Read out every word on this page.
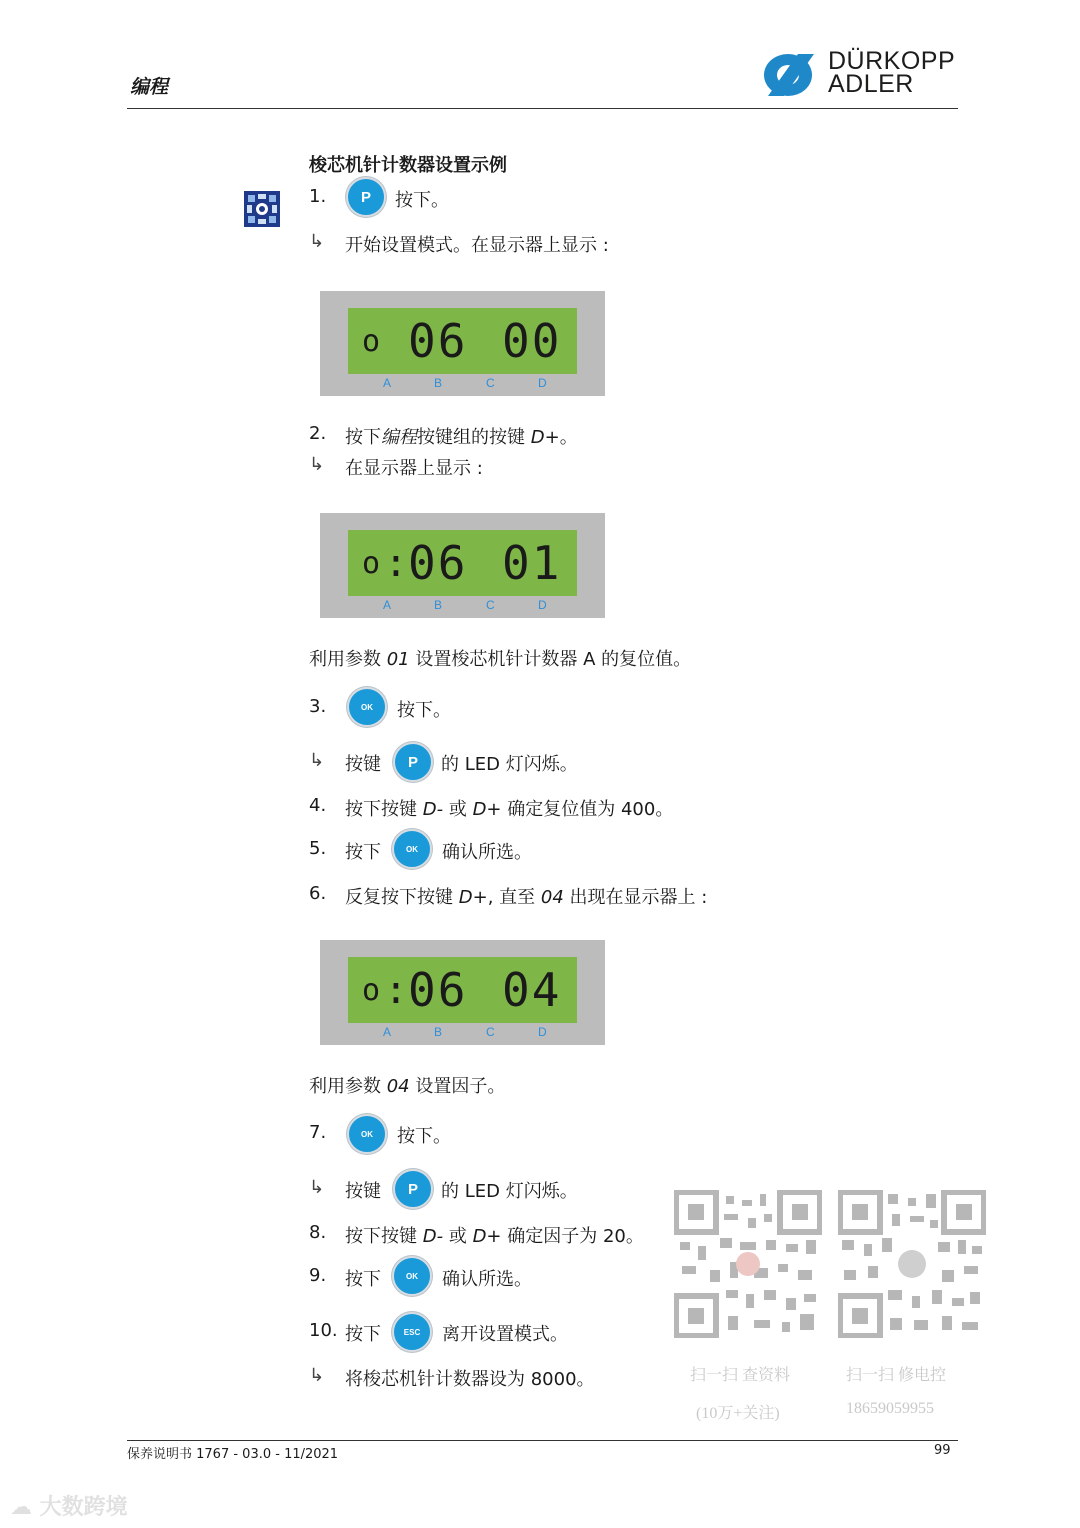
编程
DÜRKOPP
ADLER
梭芯机针计数器设置示例
1.	P	按下。
↳ 开始设置模式。在显示器上显示 :
o 06 00
A	B	C	D
2. 按下编程按键组的按键 D+。
↳ 在显示器上显示 :
o : 06 01
A	B	C	D
利用参数 01 设置梭芯机针计数器 A 的复位值。
3.	OK	按下。
↳ 按键	P	的 LED 灯闪烁。
4. 按下按键 D- 或 D+ 确定复位值为 400。
5. 按下	OK	确认所选。
6. 反复按下按键 D+, 直至 04 出现在显示器上 :
o : 06 04
A	B	C	D
利用参数 04 设置因子。
7.	OK	按下。
↳ 按键	P	的 LED 灯闪烁。
8. 按下按键 D- 或 D+ 确定因子为 20。
9. 按下	OK	确认所选。
10. 按下	ESC	离开设置模式。
↳ 将梭芯机针计数器设为 8000。	扫一扫 查资料
(10万+关注)
扫一扫 修电控
18659059955
保养说明书 1767 - 03.0 - 11/2021	99
☁ 大数跨境
